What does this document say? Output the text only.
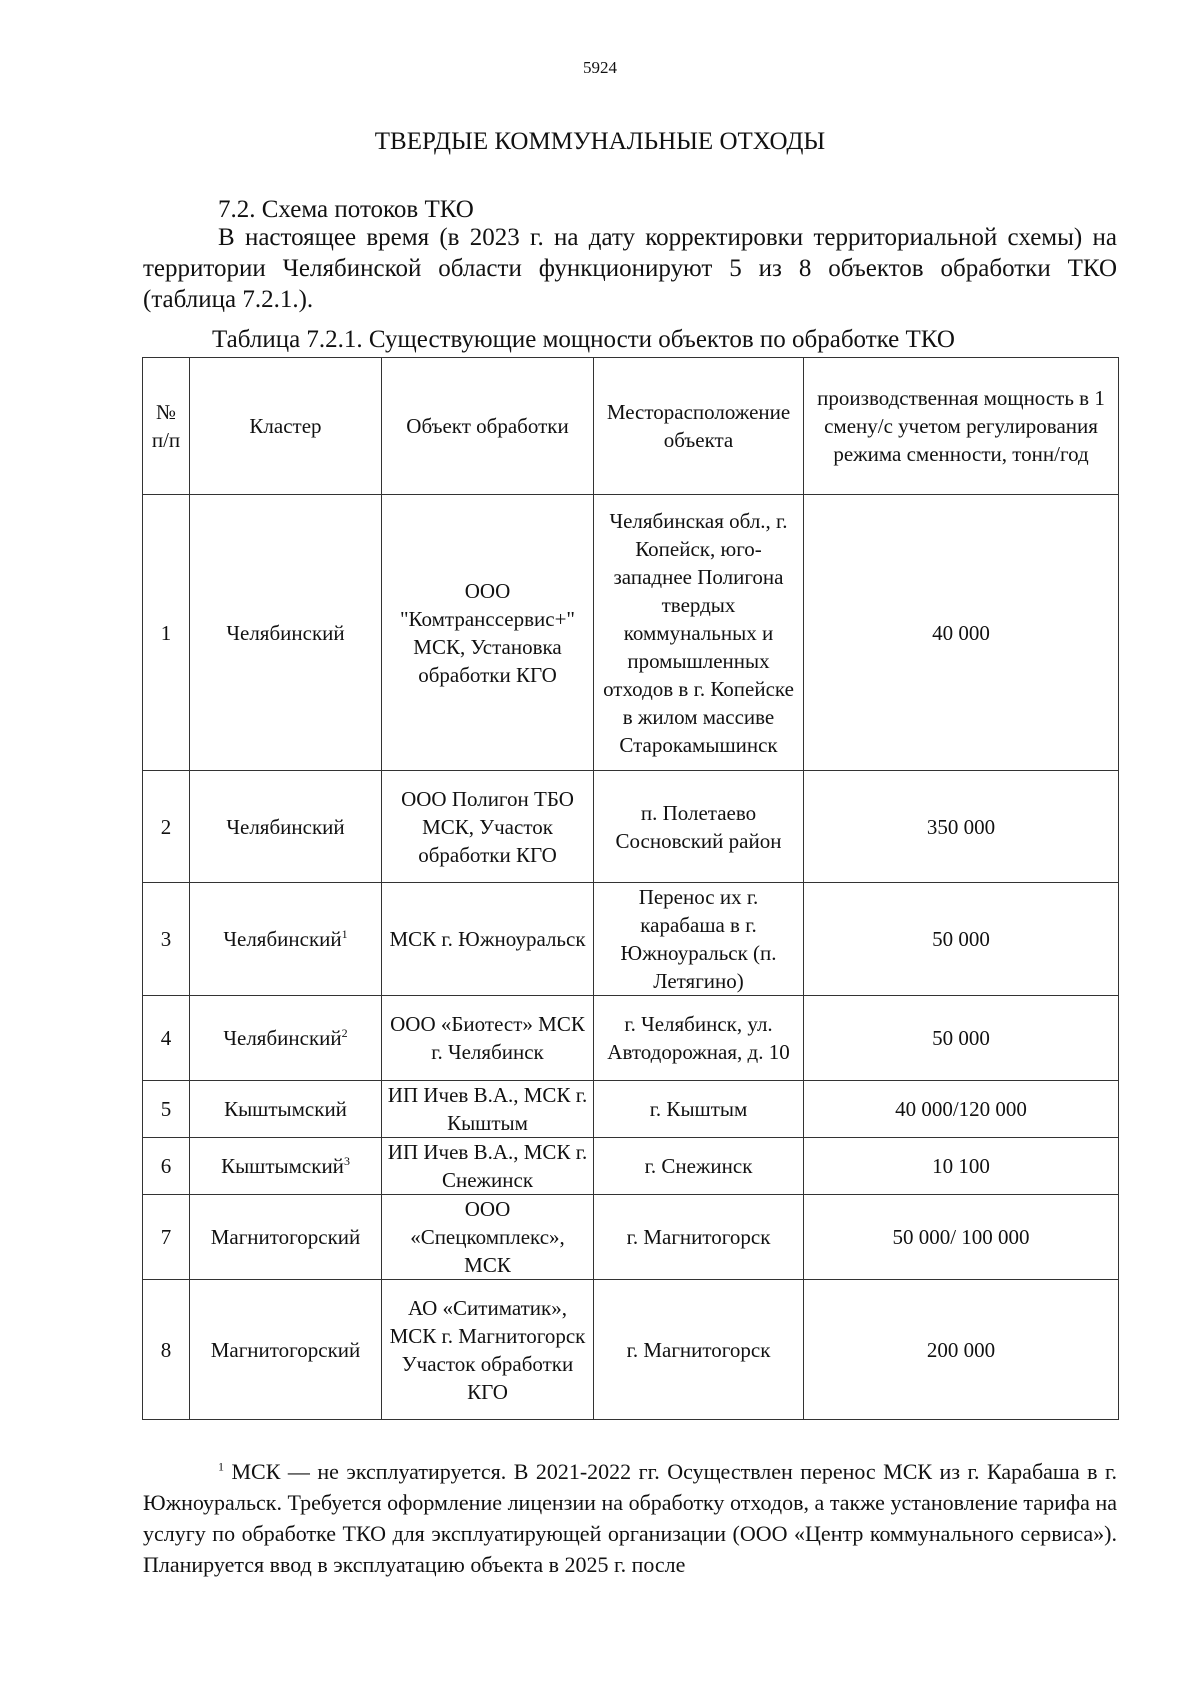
5924
ТВЕРДЫЕ КОММУНАЛЬНЫЕ ОТХОДЫ
7.2. Схема потоков ТКО

В настоящее время (в 2023 г. на дату корректировки территориальной схемы) на территории Челябинской области функционируют 5 из 8 объектов обработки ТКО (таблица 7.2.1.).

Таблица 7.2.1. Существующие мощности объектов по обработке ТКО
№ п/п	Кластер	Объект обработки	Месторасположение объекта	производственная мощность в 1 смену/с учетом регулирования режима сменности, тонн/год
1	Челябинский	ООО "Комтранссервис+" МСК, Установка обработки КГО	Челябинская обл., г. Копейск, юго-западнее Полигона твердых коммунальных и промышленных отходов в г. Копейске в жилом массиве Старокамышинск	40 000
2	Челябинский	ООО Полигон ТБО МСК, Участок обработки КГО	п. Полетаево Сосновский район	350 000
3	Челябинский$^1$	МСК г. Южноуральск	Перенос их г. карабаша в г. Южноуральск (п. Летягино)	50 000
4	Челябинский$^2$	ООО «Биотест» МСК г. Челябинск	г. Челябинск, ул. Автодорожная, д. 10	50 000
5	Кыштымский	ИП Ичев В.А., МСК г. Кыштым	г. Кыштым	40 000/120 000
6	Кыштымский$^3$	ИП Ичев В.А., МСК г. Снежинск	г. Снежинск	10 100
7	Магнитогорский	ООО «Спецкомплекс», МСК	г. Магнитогорск	50 000/ 100 000
8	Магнитогорский	АО «Ситиматик», МСК г. Магнитогорск Участок обработки КГО	г. Магнитогорск	200 000

$^1$ МСК — не эксплуатируется. В 2021-2022 гг. Осуществлен перенос МСК из г. Карабаша в г. Южноуральск. Требуется оформление лицензии на обработку отходов, а также установление тарифа на услугу по обработке ТКО для эксплуатирующей организации (ООО «Центр коммунального сервиса»). Планируется ввод в эксплуатацию объекта в 2025 г. после
